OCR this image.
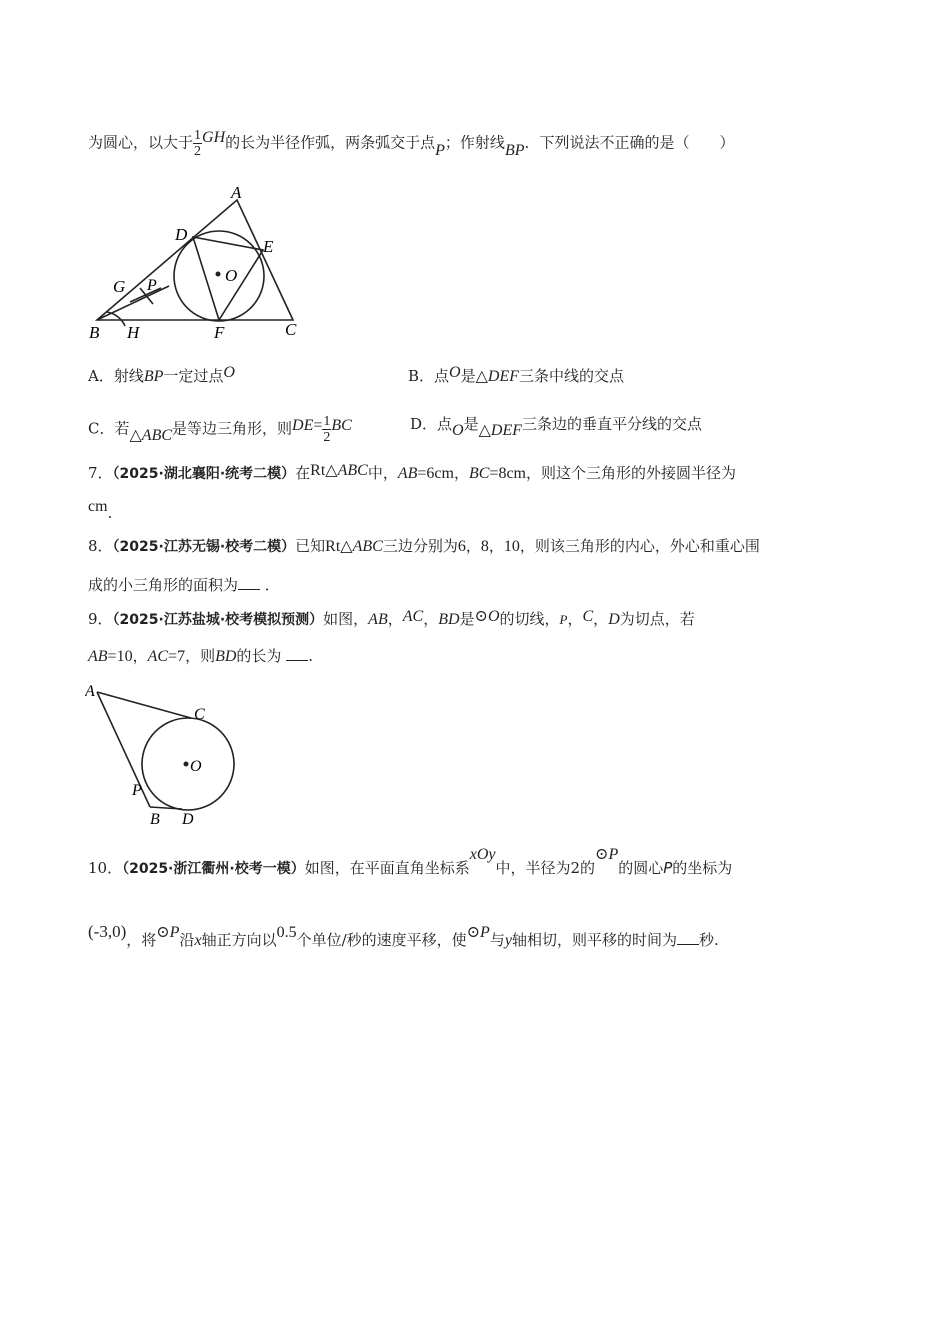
为圆心，以大于 $\frac{1}{2}$ GH的长为半径作弧，两条弧交于点P；作射线BP．下列说法不正确的是（　　）
A
B	C
D
E
F
G
H
O
P
A．射线BP一定过点O	B．点O是△DEF三条中线的交点
C．若△ABC是等边三角形，则$DE= \frac{1}{2}$ BC	D．点O是△DEF三条边的垂直平分线的交点
7．（2025·湖北襄阳·统考二模）在Rt△ABC中，AB=6cm，BC=8cm，则这个三角形的外接圆半径为
cm.
8．（2025·江苏无锡·校考二模）已知Rt△ABC三边分别为6，8，10，则该三角形的内心，外心和重心围
成的小三角形的面积为 ．
9．（2025·江苏盐城·校考模拟预测）如图，AB，AC，BD是⊙O的切线，P，C，D为切点，若
AB=10，AC=7，则BD的长为 .
A
C
O
P
B D
10．（2025·浙江衢州·校考一模）如图，在平面直角坐标系xOy中，半径为2的⊙P的圆心P的坐标为
(-3,0)，将⊙P沿x轴正方向以0.5个单位/秒的速度平移，使⊙P与y轴相切，则平移的时间为 秒.
